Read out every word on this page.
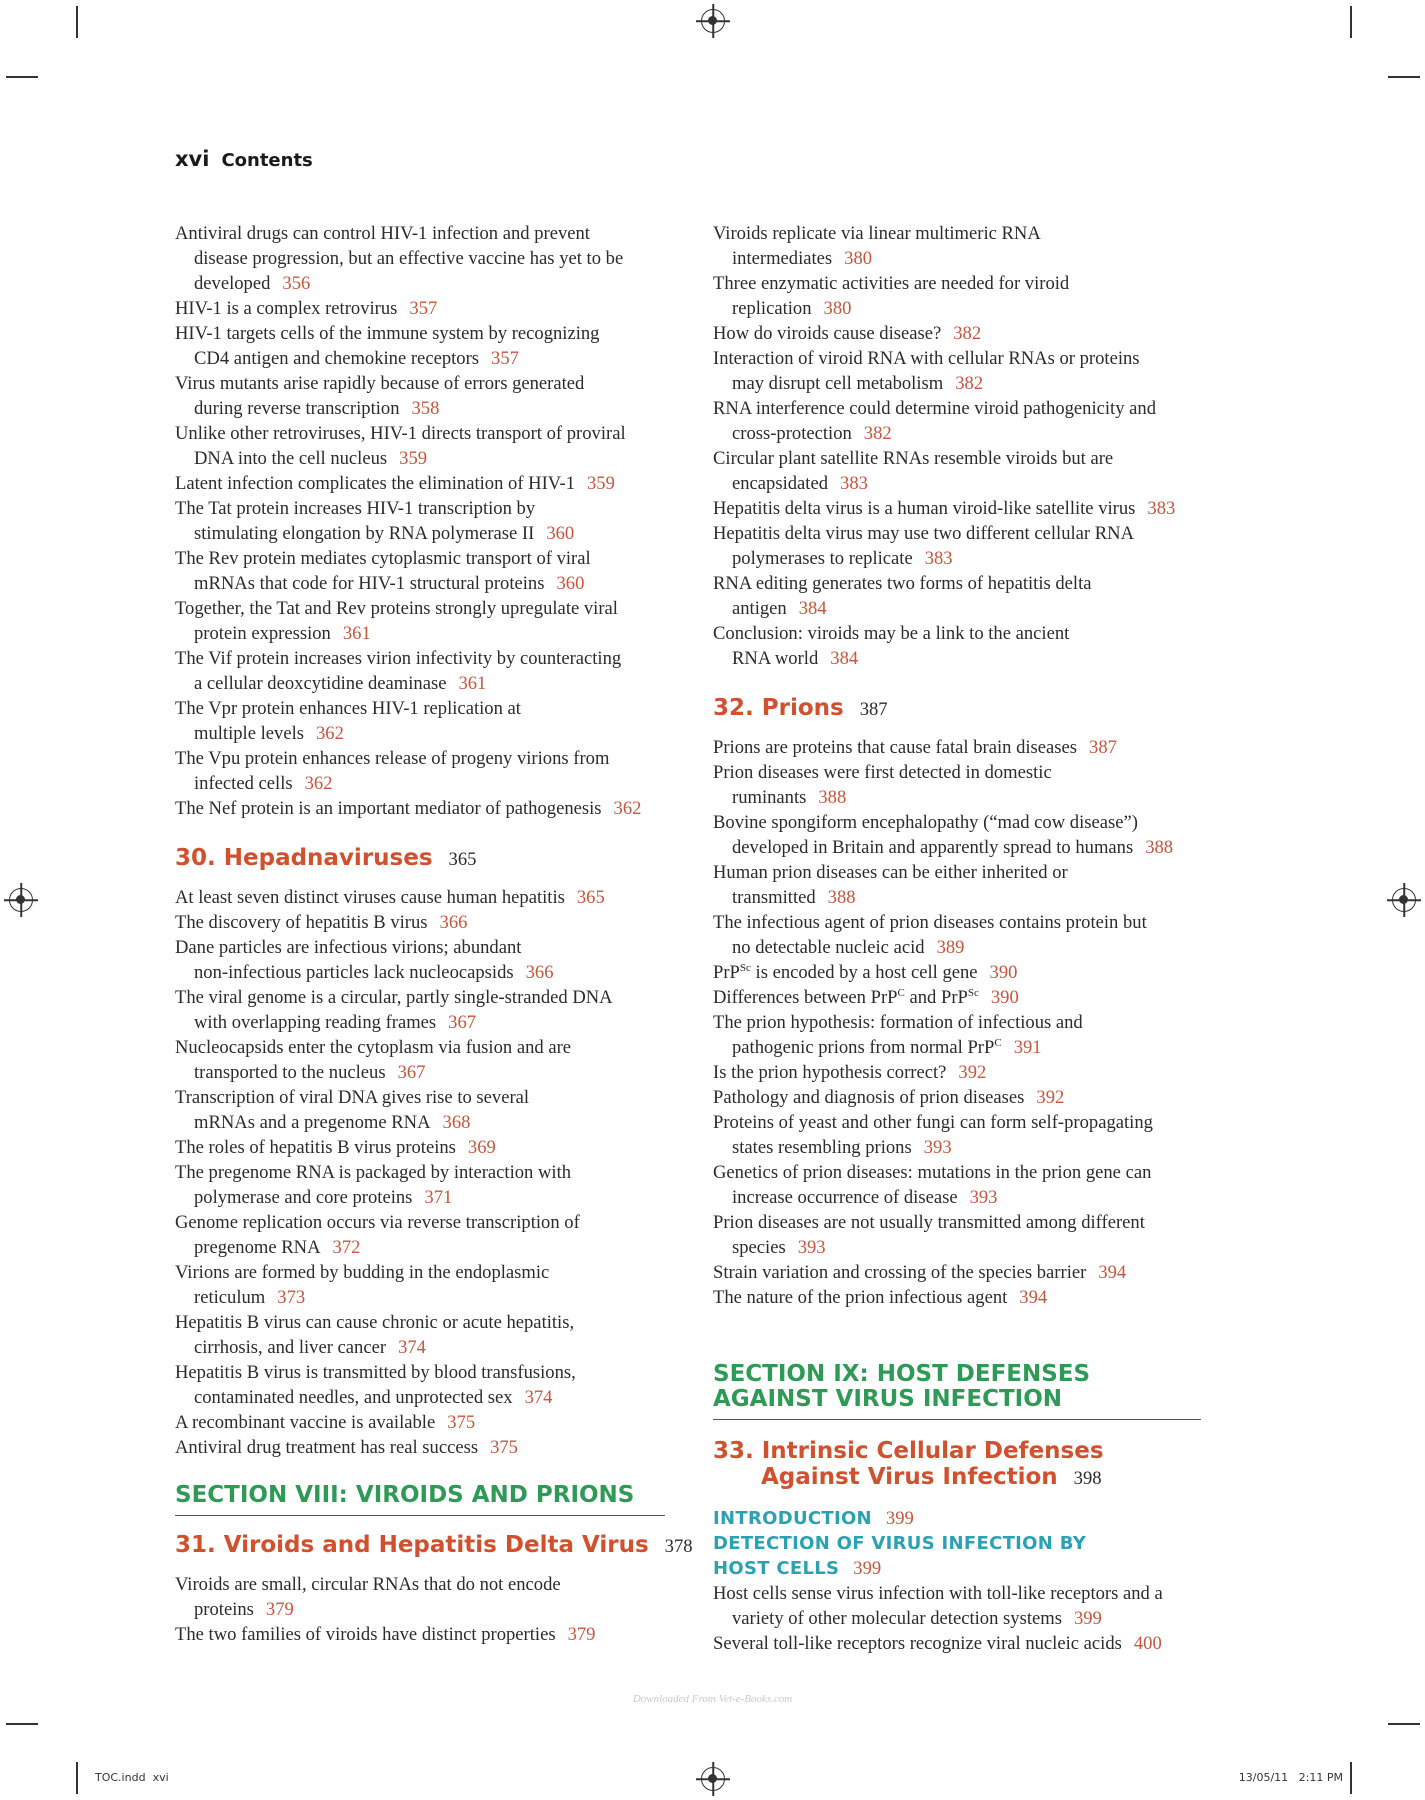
xvi Contents
Antiviral drugs can control HIV-1 infection and prevent
disease progression, but an effective vaccine has yet to be
developed 356
HIV-1 is a complex retrovirus 357
HIV-1 targets cells of the immune system by recognizing
CD4 antigen and chemokine receptors 357
Virus mutants arise rapidly because of errors generated
during reverse transcription 358
Unlike other retroviruses, HIV-1 directs transport of proviral
DNA into the cell nucleus 359
Latent infection complicates the elimination of HIV-1 359
The Tat protein increases HIV-1 transcription by
stimulating elongation by RNA polymerase II 360
The Rev protein mediates cytoplasmic transport of viral
mRNAs that code for HIV-1 structural proteins 360
Together, the Tat and Rev proteins strongly upregulate viral
protein expression 361
The Vif protein increases virion infectivity by counteracting
a cellular deoxcytidine deaminase 361
The Vpr protein enhances HIV-1 replication at
multiple levels 362
The Vpu protein enhances release of progeny virions from
infected cells 362
The Nef protein is an important mediator of pathogenesis 362
30. Hepadnaviruses 365
At least seven distinct viruses cause human hepatitis 365
The discovery of hepatitis B virus 366
Dane particles are infectious virions; abundant
non-infectious particles lack nucleocapsids 366
The viral genome is a circular, partly single-stranded DNA
with overlapping reading frames 367
Nucleocapsids enter the cytoplasm via fusion and are
transported to the nucleus 367
Transcription of viral DNA gives rise to several
mRNAs and a pregenome RNA 368
The roles of hepatitis B virus proteins 369
The pregenome RNA is packaged by interaction with
polymerase and core proteins 371
Genome replication occurs via reverse transcription of
pregenome RNA 372
Virions are formed by budding in the endoplasmic
reticulum 373
Hepatitis B virus can cause chronic or acute hepatitis,
cirrhosis, and liver cancer 374
Hepatitis B virus is transmitted by blood transfusions,
contaminated needles, and unprotected sex 374
A recombinant vaccine is available 375
Antiviral drug treatment has real success 375
SECTION VIII: VIROIDS AND PRIONS
31. Viroids and Hepatitis Delta Virus 378
Viroids are small, circular RNAs that do not encode
proteins 379
The two families of viroids have distinct properties 379
Viroids replicate via linear multimeric RNA
intermediates 380
Three enzymatic activities are needed for viroid
replication 380
How do viroids cause disease? 382
Interaction of viroid RNA with cellular RNAs or proteins
may disrupt cell metabolism 382
RNA interference could determine viroid pathogenicity and
cross-protection 382
Circular plant satellite RNAs resemble viroids but are
encapsidated 383
Hepatitis delta virus is a human viroid-like satellite virus 383
Hepatitis delta virus may use two different cellular RNA
polymerases to replicate 383
RNA editing generates two forms of hepatitis delta
antigen 384
Conclusion: viroids may be a link to the ancient
RNA world 384
32. Prions 387
Prions are proteins that cause fatal brain diseases 387
Prion diseases were first detected in domestic
ruminants 388
Bovine spongiform encephalopathy (“mad cow disease”)
developed in Britain and apparently spread to humans 388
Human prion diseases can be either inherited or
transmitted 388
The infectious agent of prion diseases contains protein but
no detectable nucleic acid 389
PrP$^{Sc}$ is encoded by a host cell gene 390
Differences between PrP$^C$ and PrP$^{Sc}$ 390
The prion hypothesis: formation of infectious and
pathogenic prions from normal PrP$^C$ 391
Is the prion hypothesis correct? 392
Pathology and diagnosis of prion diseases 392
Proteins of yeast and other fungi can form self-propagating
states resembling prions 393
Genetics of prion diseases: mutations in the prion gene can
increase occurrence of disease 393
Prion diseases are not usually transmitted among different
species 393
Strain variation and crossing of the species barrier 394
The nature of the prion infectious agent 394
SECTION IX: HOST DEFENSES
AGAINST VIRUS INFECTION
33. Intrinsic Cellular Defenses
Against Virus Infection 398
INTRODUCTION 399
DETECTION OF VIRUS INFECTION BY
HOST CELLS 399
Host cells sense virus infection with toll-like receptors and a
variety of other molecular detection systems 399
Several toll-like receptors recognize viral nucleic acids 400
Downloaded From Vet-e-Books.com
TOC.indd xvi	13/05/11 2:11 PM
